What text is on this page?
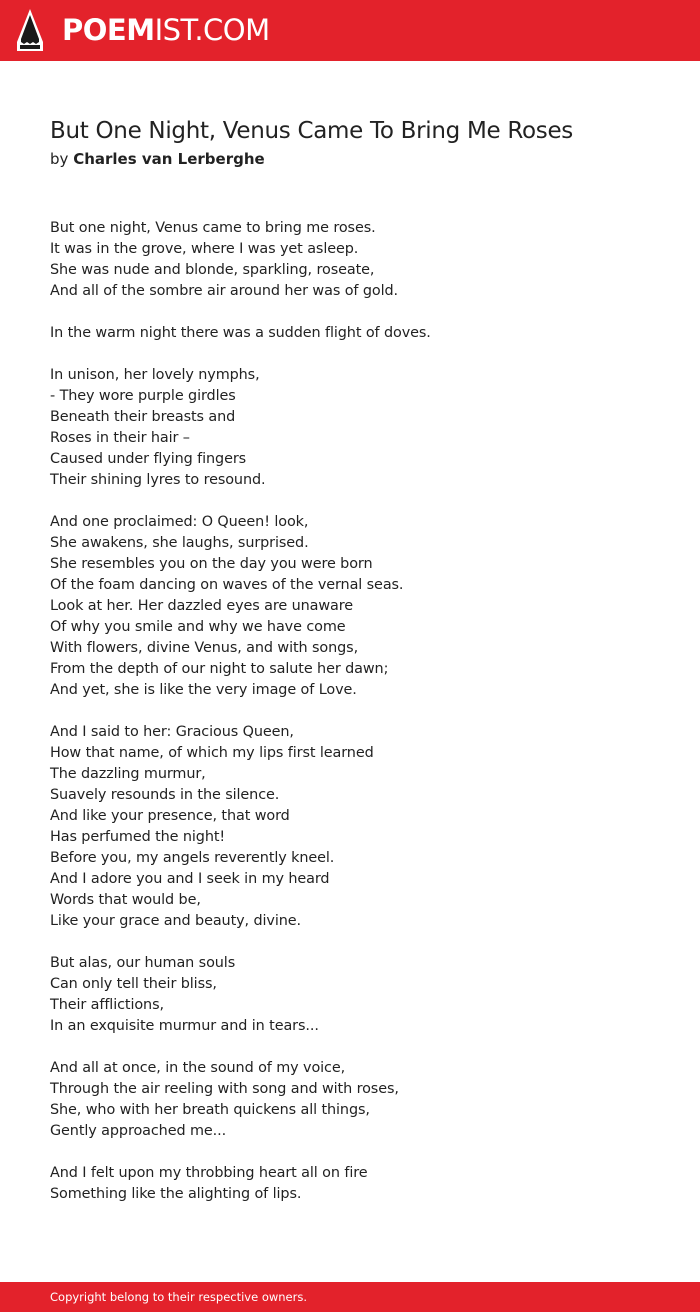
POEMIST.COM
But One Night, Venus Came To Bring Me Roses
by Charles van Lerberghe
But one night, Venus came to bring me roses.
It was in the grove, where I was yet asleep.
She was nude and blonde, sparkling, roseate,
And all of the sombre air around her was of gold.
In the warm night there was a sudden flight of doves.
In unison, her lovely nymphs,
- They wore purple girdles
Beneath their breasts and
Roses in their hair –
Caused under flying fingers
Their shining lyres to resound.
And one proclaimed: O Queen! look,
She awakens, she laughs, surprised.
She resembles you on the day you were born
Of the foam dancing on waves of the vernal seas.
Look at her. Her dazzled eyes are unaware
Of why you smile and why we have come
With flowers, divine Venus, and with songs,
From the depth of our night to salute her dawn;
And yet, she is like the very image of Love.
And I said to her: Gracious Queen,
How that name, of which my lips first learned
The dazzling murmur,
Suavely resounds in the silence.
And like your presence, that word
Has perfumed the night!
Before you, my angels reverently kneel.
And I adore you and I seek in my heard
Words that would be,
Like your grace and beauty, divine.
But alas, our human souls
Can only tell their bliss,
Their afflictions,
In an exquisite murmur and in tears...
And all at once, in the sound of my voice,
Through the air reeling with song and with roses,
She, who with her breath quickens all things,
Gently approached me...
And I felt upon my throbbing heart all on fire
Something like the alighting of lips.
Copyright belong to their respective owners.
